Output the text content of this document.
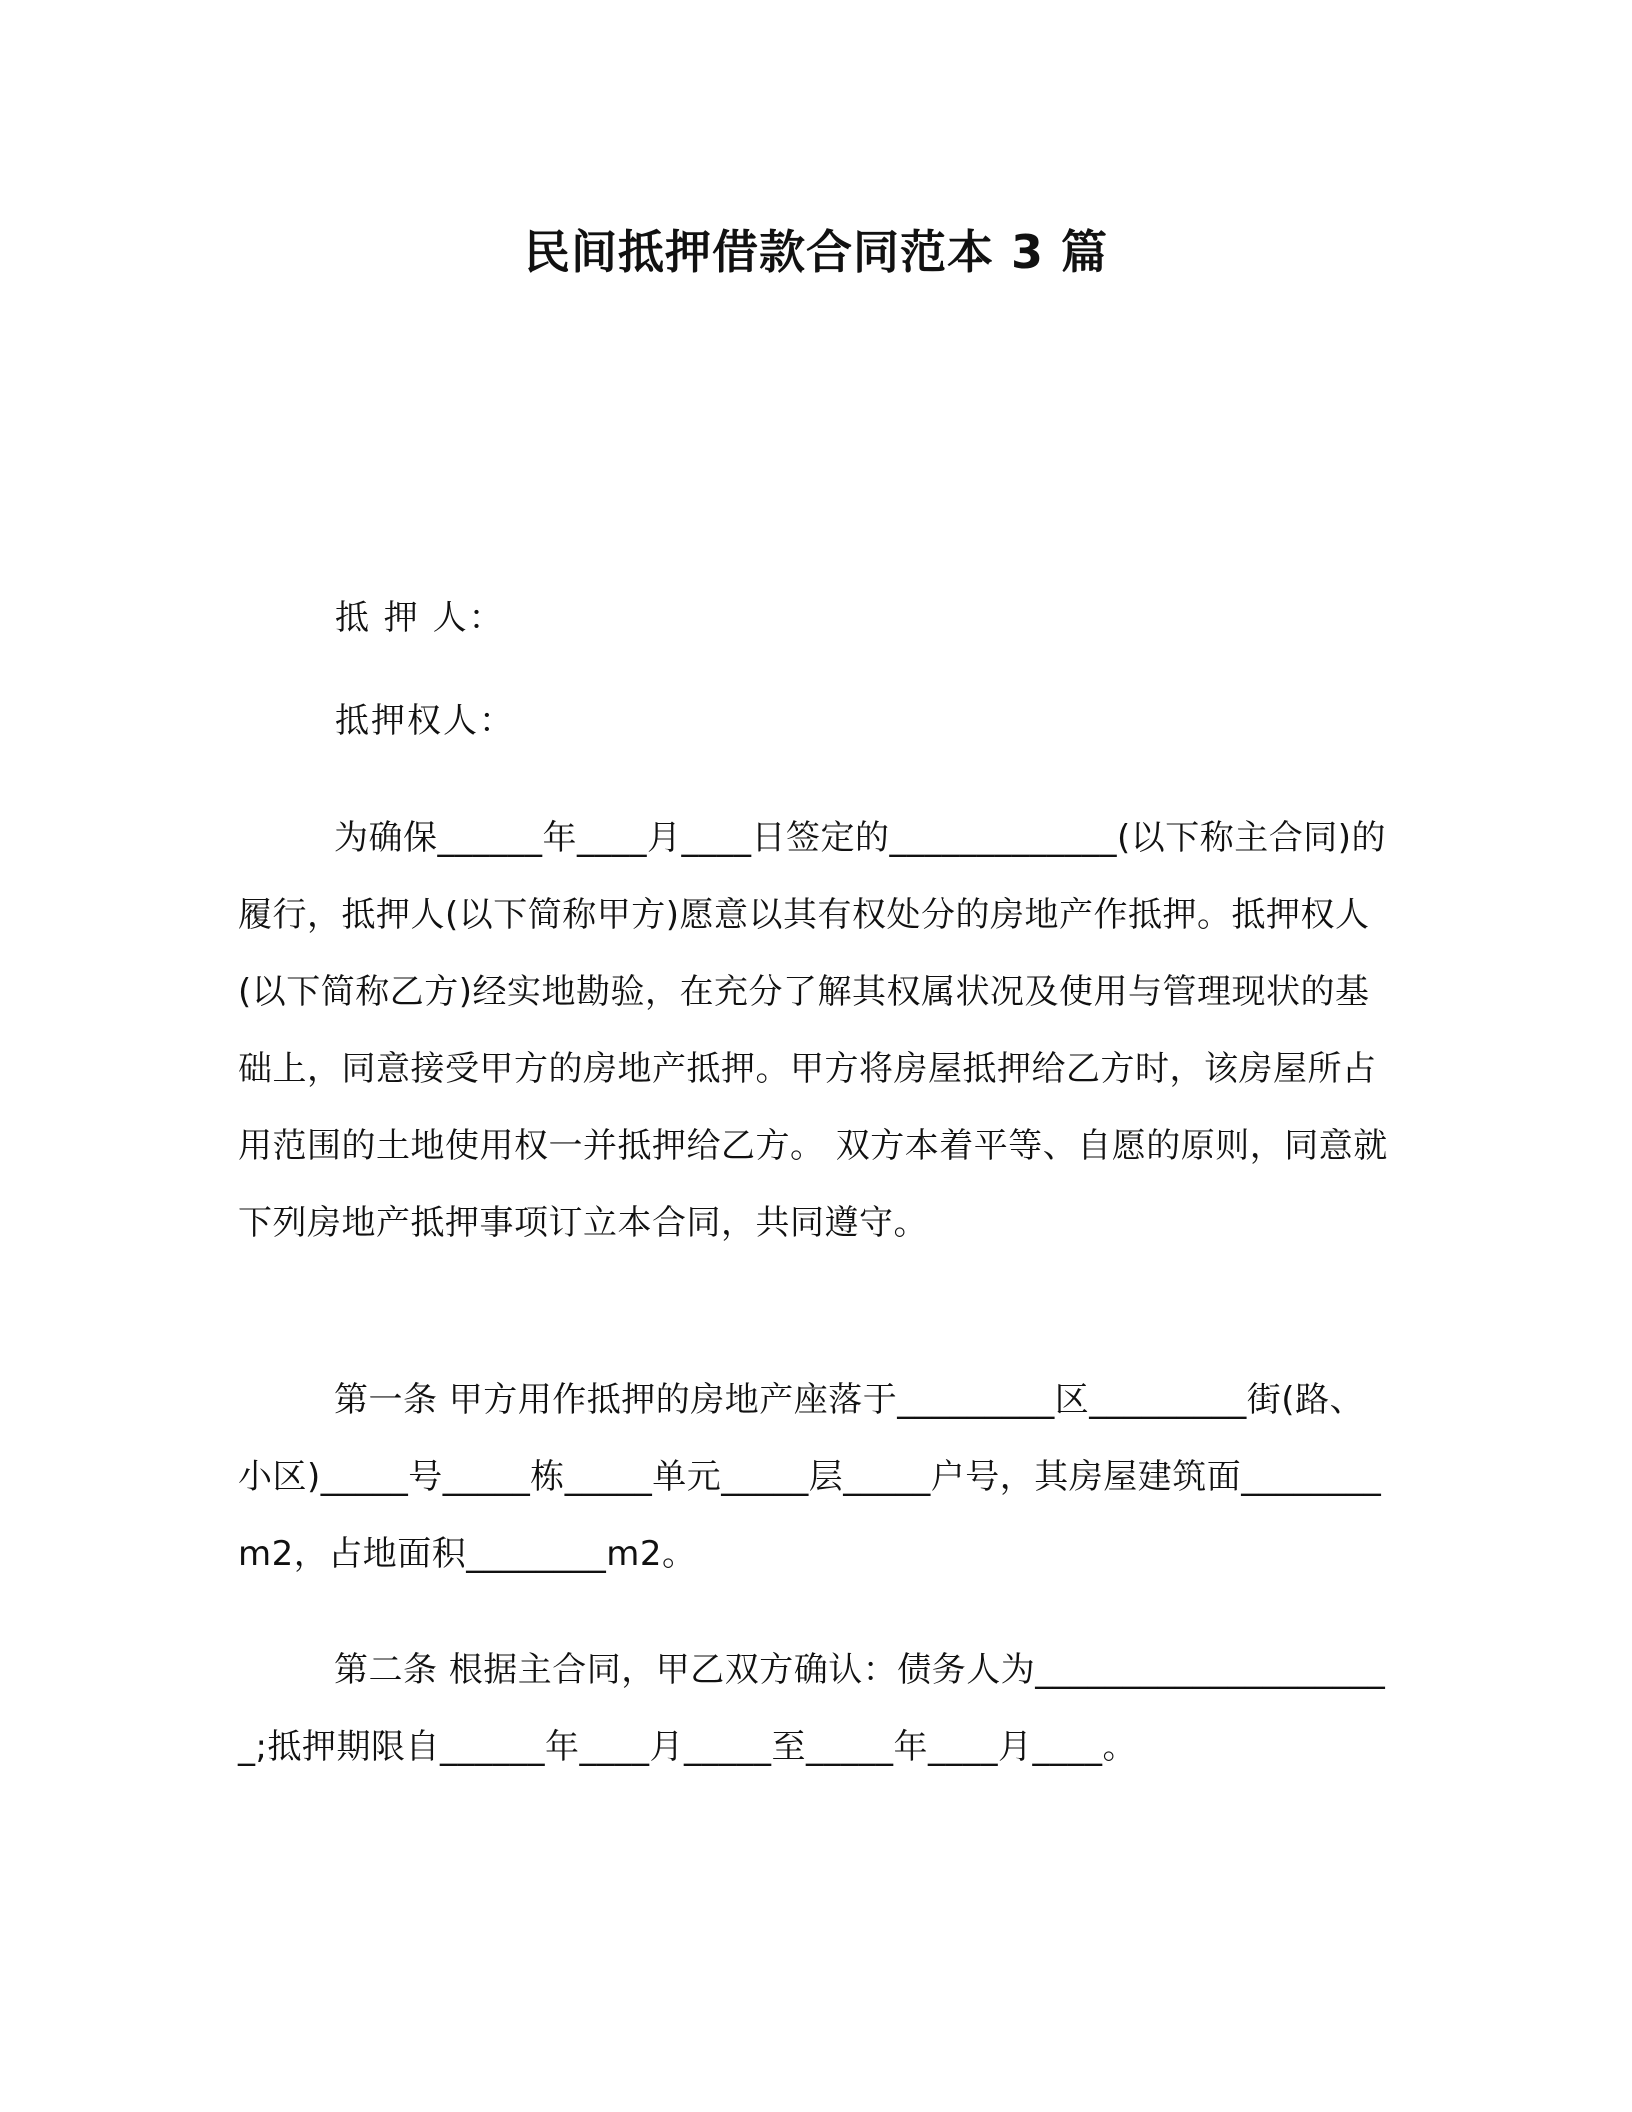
民间抵押借款合同范本 3 篇
抵 押 人：
抵押权人：

为确保______年____月____日签定的_____________(以下称主合同)的履行，抵押人(以下简称甲方)愿意以其有权处分的房地产作抵押。抵押权人(以下简称乙方)经实地勘验，在充分了解其权属状况及使用与管理现状的基础上，同意接受甲方的房地产抵押。甲方将房屋抵押给乙方时，该房屋所占用范围的土地使用权一并抵押给乙方。 双方本着平等、自愿的原则，同意就下列房地产抵押事项订立本合同，共同遵守。

第一条 甲方用作抵押的房地产座落于_________区_________街(路、小区)_____号_____栋_____单元_____层_____户号，其房屋建筑面________m2，占地面积________m2。

第二条 根据主合同，甲乙双方确认：债务人为_____________________;抵押期限自______年____月_____至_____年____月____。
